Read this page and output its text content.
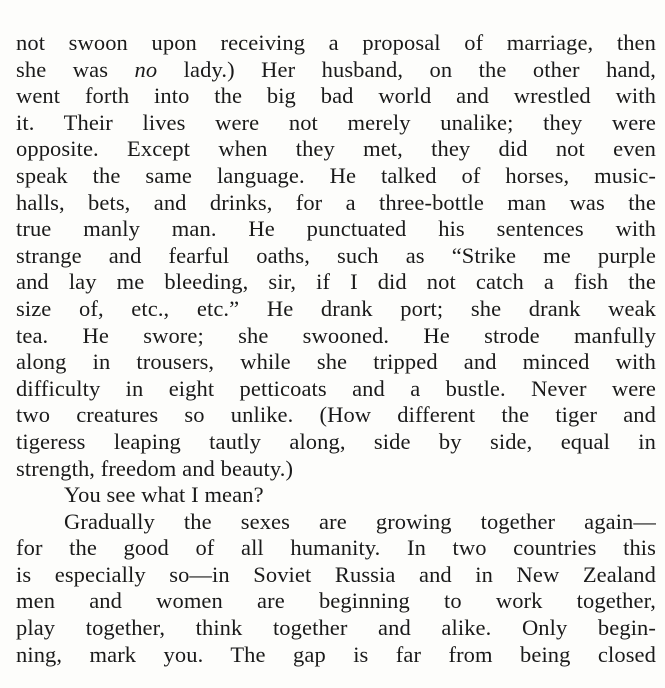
not swoon upon receiving a proposal of marriage, then
she was no lady.) Her husband, on the other hand,
went forth into the big bad world and wrestled with
it. Their lives were not merely unalike; they were
opposite. Except when they met, they did not even
speak the same language. He talked of horses, music-
halls, bets, and drinks, for a three-bottle man was the
true manly man. He punctuated his sentences with
strange and fearful oaths, such as “Strike me purple
and lay me bleeding, sir, if I did not catch a fish the
size of, etc., etc.” He drank port; she drank weak
tea. He swore; she swooned. He strode manfully
along in trousers, while she tripped and minced with
difficulty in eight petticoats and a bustle. Never were
two creatures so unlike. (How different the tiger and
tigeress leaping tautly along, side by side, equal in
strength, freedom and beauty.)
You see what I mean?
Gradually the sexes are growing together again—
for the good of all humanity. In two countries this
is especially so—in Soviet Russia and in New Zealand
men and women are beginning to work together,
play together, think together and alike. Only begin-
ning, mark you. The gap is far from being closed
